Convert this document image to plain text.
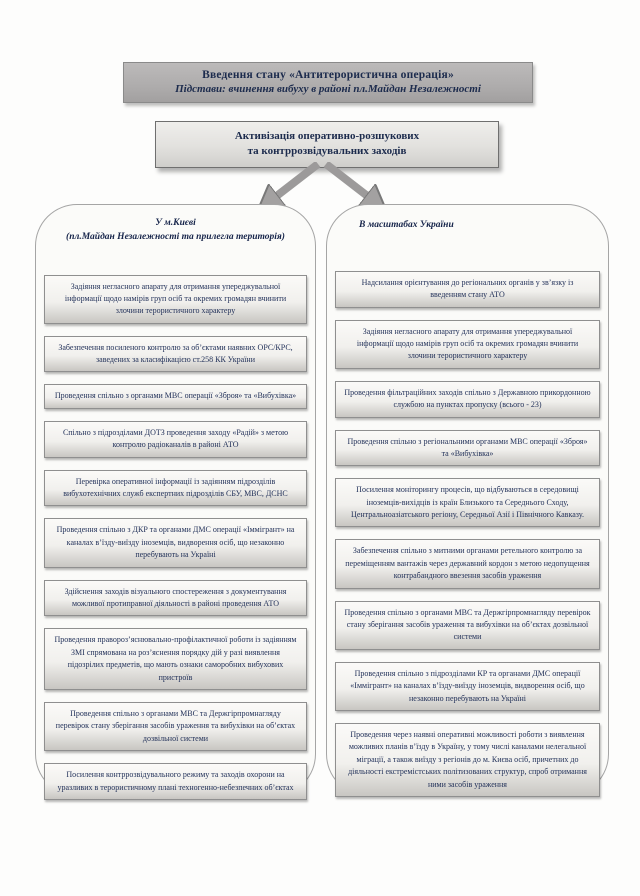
Введення стану «Антитерористична операція»
Підстави: вчинення вибуху в районі пл.Майдан Незалежності
Активізація оперативно-розшукових
та контррозвідувальних заходів
У м.Києві
(пл.Майдан Незалежності та прилегла територія)
Задіяння негласного апарату для отримання упереджувальної інформації щодо намірів груп осіб та окремих громадян вчинити злочини терористичного характеру
Забезпечення посиленого контролю за об’єктами наявних ОРС/КРС, заведених за класифікацією ст.258 КК України
Проведення спільно з органами МВС операції «Зброя» та «Вибухівка»
Спільно з підрозділами ДОТЗ проведення заходу «Радій» з метою контролю радіоканалів в районі АТО
Перевірка оперативної інформації із задіянням підрозділів вибухотехнічних служб експертних підрозділів СБУ, МВС, ДСНС
Проведення спільно з ДКР та органами ДМС операції «Іммігрант» на каналах в’їзду-виїзду іноземців, видворення осіб, що незаконно перебувають на Україні
Здійснення заходів візуального спостереження з документування можливої протиправної діяльності в районі проведення АТО
Проведення правороз’яснювально-профілактичної роботи із задіянням ЗМІ спрямована на роз’яснення порядку дій у разі виявлення підозрілих предметів, що мають ознаки саморобних вибухових пристроїв
Проведення спільно з органами МВС та Держгірпромнагляду перевірок стану зберігання засобів ураження та вибухівки на об’єктах дозвільної системи
Посилення контррозвідувального режиму та заходів охорони на уразливих в терористичному плані техногенно-небезпечних об’єктах
В масштабах України
Надсилання орієнтування до регіональних органів у зв’язку із введенням стану АТО
Задіяння негласного апарату для отримання упереджувальної інформації щодо намірів груп осіб та окремих громадян вчинити злочини терористичного характеру
Проведення фільтраційних заходів спільно з Державною прикордонною службою на пунктах пропуску (всього - 23)
Проведення спільно з регіональними органами МВС операції «Зброя» та «Вибухівка»
Посилення моніторингу процесів, що відбуваються в середовищі іноземців-вихідців із країн Близького та Середнього Сходу, Центральноазіатського регіону, Середньої Азії і Північного Кавказу.
Забезпечення спільно з митними органами ретельного контролю за переміщенням вантажів через державний кордон з метою недопущення контрабандного ввезення засобів ураження
Проведення спільно з органами МВС та Держгірпромнагляду перевірок стану зберігання засобів ураження та вибухівки на об’єктах дозвільної системи
Проведення спільно з підрозділами КР та органами ДМС операції «Іммігрант» на каналах в’їзду-виїзду іноземців, видворення осіб, що незаконно перебувають на Україні
Проведення через наявні оперативні можливості роботи з виявлення можливих планів в’їзду в Україну, у тому числі каналами нелегальної міграції, а також виїзду з регіонів до м. Києва осіб, причетних до діяльності екстремістських політизованих структур, спроб отримання ними засобів ураження
